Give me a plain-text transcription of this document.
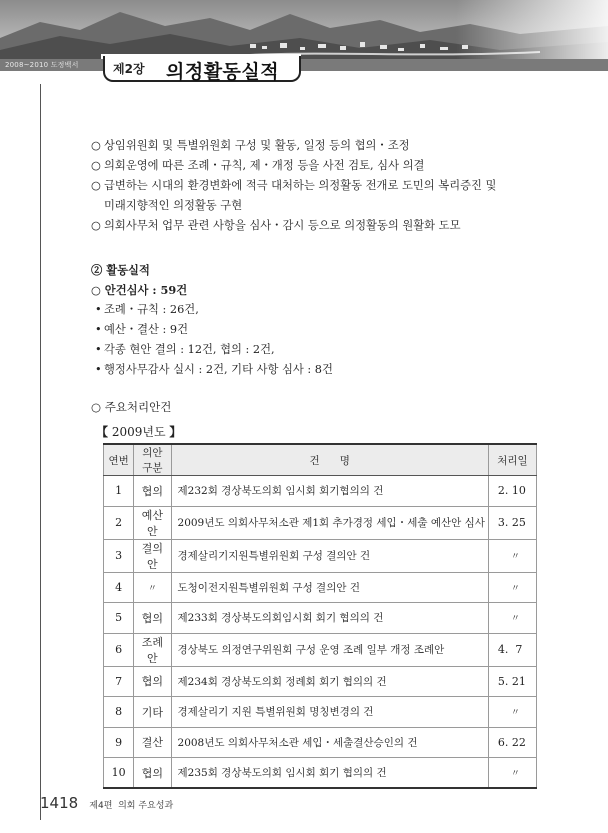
2008~2010 도정백서	제2장 의정활동실적
○ 상임위원회 및 특별위원회 구성 및 활동, 일정 등의 협의・조정
○ 의회운영에 따른 조례・규칙, 제・개정 등을 사전 검토, 심사 의결
○ 급변하는 시대의 환경변화에 적극 대처하는 의정활동 전개로 도민의 복리증진 및
미래지향적인 의정활동 구현
○ 의회사무처 업무 관련 사항을 심사・감시 등으로 의정활동의 원활화 도모
② 활동실적
○ 안건심사 : 59건
• 조례・규칙 : 26건,
• 예산・결산 : 9건
• 각종 현안 결의 : 12건, 협의 : 2건,
• 행정사무감사 실시 : 2건, 기타 사항 심사 : 8건
○ 주요처리안건
【 2009년도 】
연번	의안구분	건      명	처리일
1	협의	제232회 경상북도의회 임시회 회기협의의 건	2. 10
2	예산안	2009년도 의회사무처소관 제1회 추가경정 세입・세출 예산안 심사	3. 25
3	결의안	경제살리기지원특별위원회 구성 결의안 건	〃
4	〃	도청이전지원특별위원회 구성 결의안 건	〃
5	협의	제233회 경상북도의회임시회 회기 협의의 건	〃
6	조례안	경상북도 의정연구위원회 구성 운영 조례 일부 개정 조례안	4.  7
7	협의	제234회 경상북도의회 정례회 회기 협의의 건	5. 21
8	기타	경제살리기 지원 특별위원회 명칭변경의 건	〃
9	결산	2008년도 의회사무처소관 세입・세출결산승인의 건	6. 22
10	협의	제235회 경상북도의회 임시회 회기 협의의 건	〃
1418 제4편  의회 주요성과
